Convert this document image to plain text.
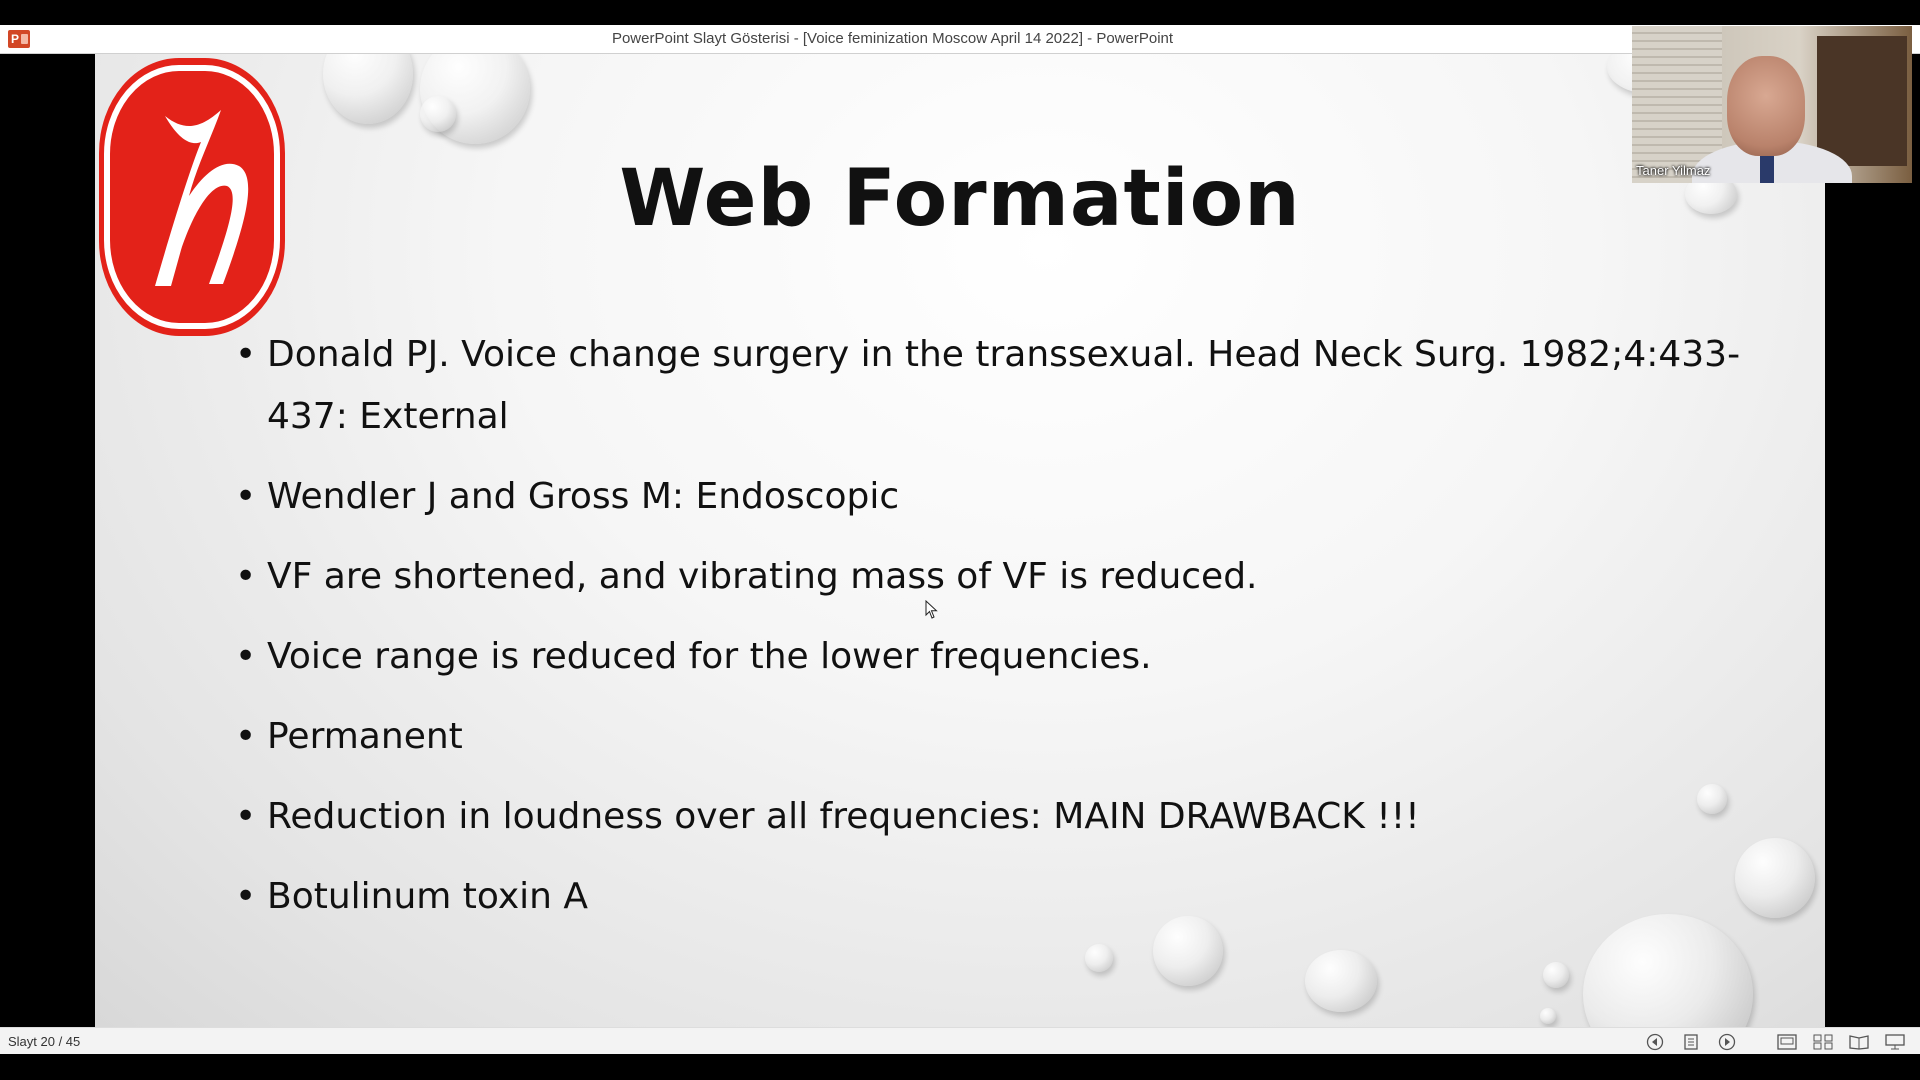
P	PowerPoint Slayt Gösterisi - [Voice feminization Moscow April 14 2022] - PowerPoint
Web Formation
• Donald PJ. Voice change surgery in the transsexual. Head Neck Surg. 1982;4:433-437: External
• Wendler J and Gross M: Endoscopic
• VF are shortened, and vibrating mass of VF is reduced.
• Voice range is reduced for the lower frequencies.
• Permanent
• Reduction in loudness over all frequencies: MAIN DRAWBACK !!!
• Botulinum toxin A
Taner Yilmaz
Slayt 20 / 45
